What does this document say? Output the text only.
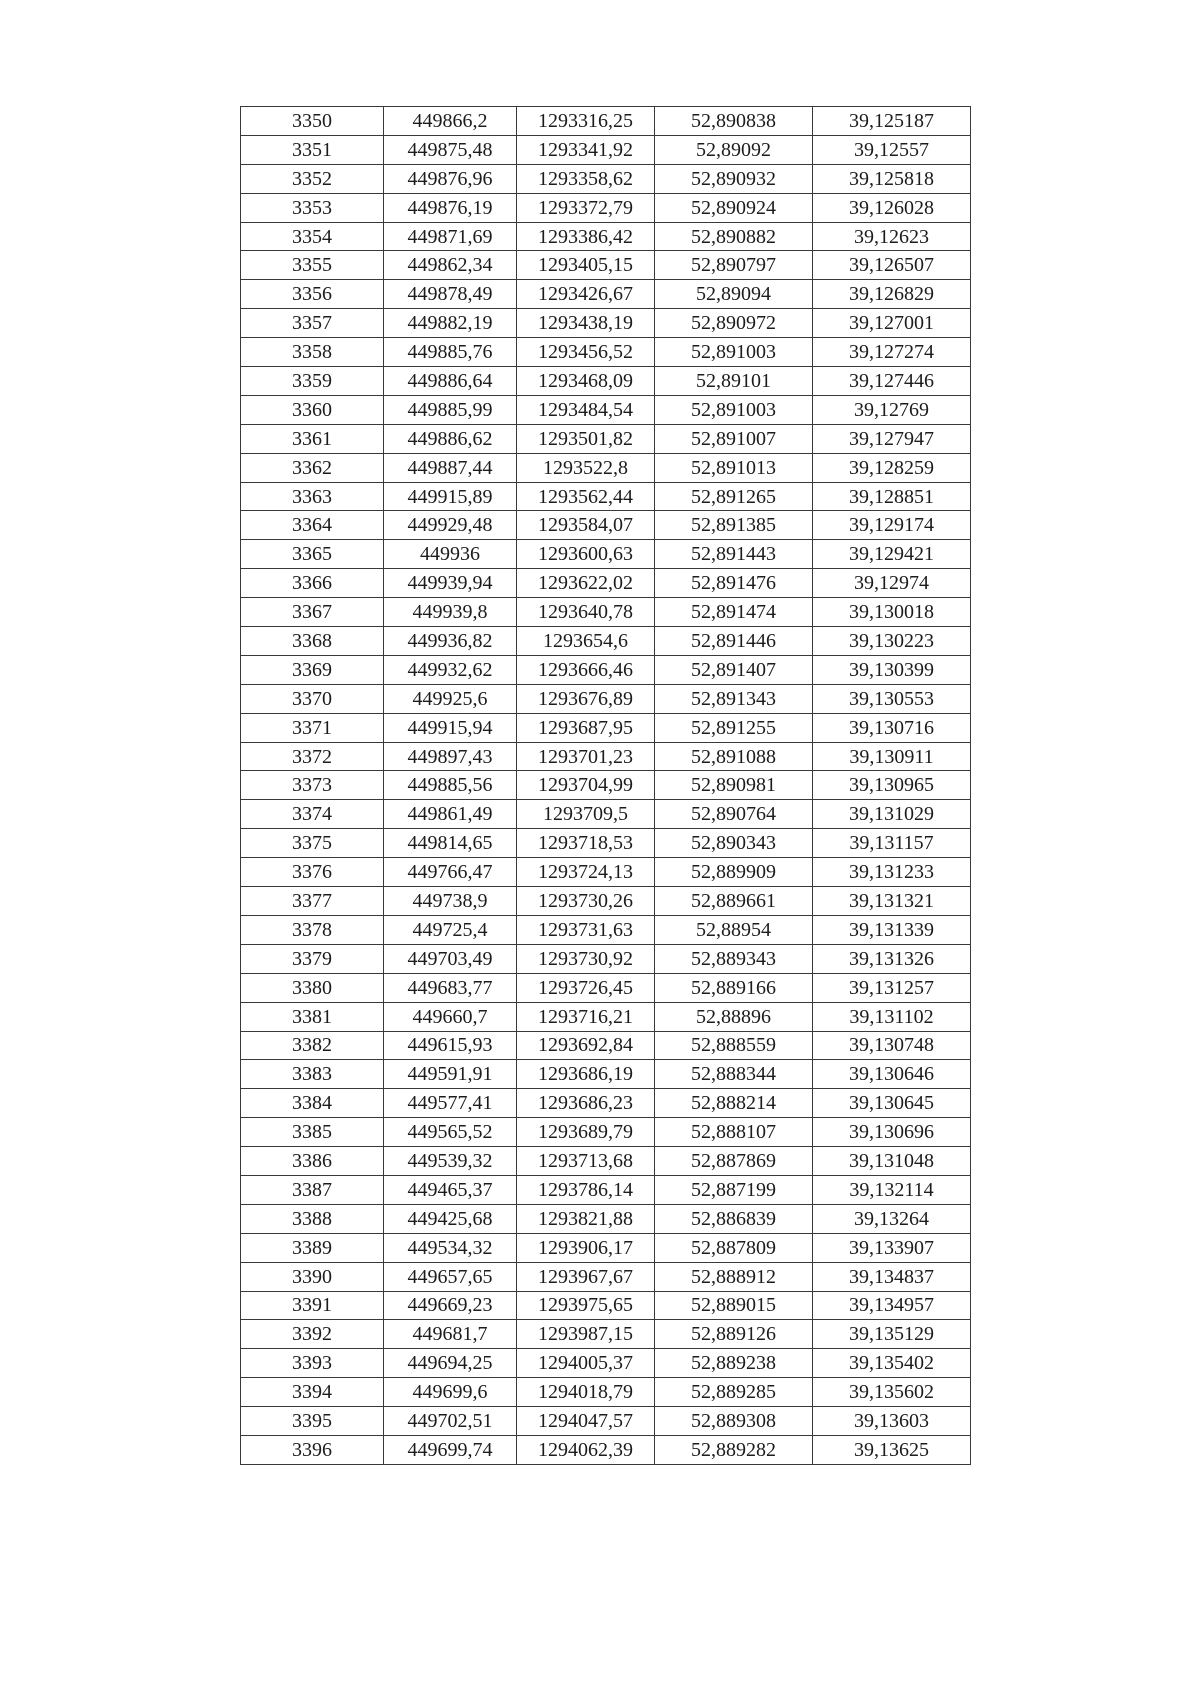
3350	449866,2	1293316,25	52,890838	39,125187
3351	449875,48	1293341,92	52,89092	39,12557
3352	449876,96	1293358,62	52,890932	39,125818
3353	449876,19	1293372,79	52,890924	39,126028
3354	449871,69	1293386,42	52,890882	39,12623
3355	449862,34	1293405,15	52,890797	39,126507
3356	449878,49	1293426,67	52,89094	39,126829
3357	449882,19	1293438,19	52,890972	39,127001
3358	449885,76	1293456,52	52,891003	39,127274
3359	449886,64	1293468,09	52,89101	39,127446
3360	449885,99	1293484,54	52,891003	39,12769
3361	449886,62	1293501,82	52,891007	39,127947
3362	449887,44	1293522,8	52,891013	39,128259
3363	449915,89	1293562,44	52,891265	39,128851
3364	449929,48	1293584,07	52,891385	39,129174
3365	449936	1293600,63	52,891443	39,129421
3366	449939,94	1293622,02	52,891476	39,12974
3367	449939,8	1293640,78	52,891474	39,130018
3368	449936,82	1293654,6	52,891446	39,130223
3369	449932,62	1293666,46	52,891407	39,130399
3370	449925,6	1293676,89	52,891343	39,130553
3371	449915,94	1293687,95	52,891255	39,130716
3372	449897,43	1293701,23	52,891088	39,130911
3373	449885,56	1293704,99	52,890981	39,130965
3374	449861,49	1293709,5	52,890764	39,131029
3375	449814,65	1293718,53	52,890343	39,131157
3376	449766,47	1293724,13	52,889909	39,131233
3377	449738,9	1293730,26	52,889661	39,131321
3378	449725,4	1293731,63	52,88954	39,131339
3379	449703,49	1293730,92	52,889343	39,131326
3380	449683,77	1293726,45	52,889166	39,131257
3381	449660,7	1293716,21	52,88896	39,131102
3382	449615,93	1293692,84	52,888559	39,130748
3383	449591,91	1293686,19	52,888344	39,130646
3384	449577,41	1293686,23	52,888214	39,130645
3385	449565,52	1293689,79	52,888107	39,130696
3386	449539,32	1293713,68	52,887869	39,131048
3387	449465,37	1293786,14	52,887199	39,132114
3388	449425,68	1293821,88	52,886839	39,13264
3389	449534,32	1293906,17	52,887809	39,133907
3390	449657,65	1293967,67	52,888912	39,134837
3391	449669,23	1293975,65	52,889015	39,134957
3392	449681,7	1293987,15	52,889126	39,135129
3393	449694,25	1294005,37	52,889238	39,135402
3394	449699,6	1294018,79	52,889285	39,135602
3395	449702,51	1294047,57	52,889308	39,13603
3396	449699,74	1294062,39	52,889282	39,13625
